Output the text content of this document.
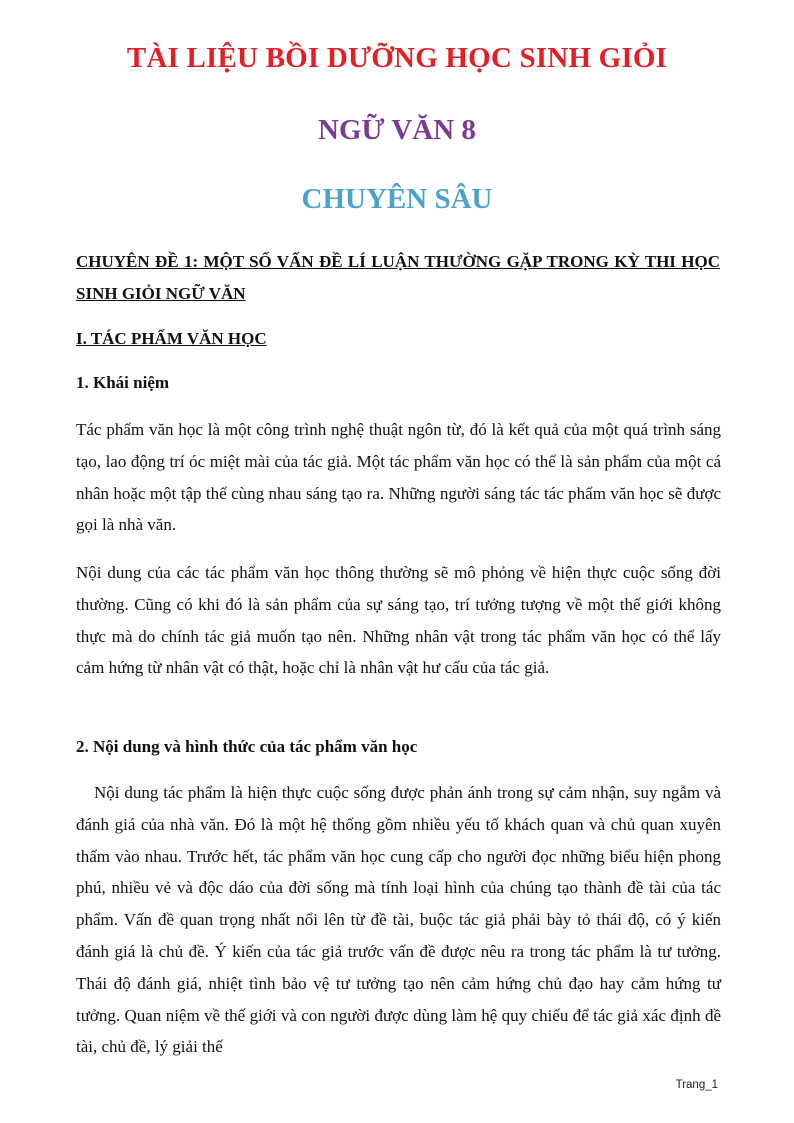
TÀI LIỆU BỒI DƯỠNG HỌC SINH GIỎI
NGỮ VĂN 8
CHUYÊN SÂU
CHUYÊN ĐỀ 1: MỘT SỐ VẤN ĐỀ LÍ LUẬN THƯỜNG GẶP TRONG KỲ THI HỌC SINH GIỎI NGỮ VĂN
I. TÁC PHẨM VĂN HỌC
1. Khái niệm

Tác phẩm văn học là một công trình nghệ thuật ngôn từ, đó là kết quả của một quá trình sáng tạo, lao động trí óc miệt mài của tác giả. Một tác phẩm văn học có thể là sản phẩm của một cá nhân hoặc một tập thể cùng nhau sáng tạo ra. Những người sáng tác tác phẩm văn học sẽ được gọi là nhà văn.

Nội dung của các tác phẩm văn học thông thường sẽ mô phỏng về hiện thực cuộc sống đời thường. Cũng có khi đó là sản phẩm của sự sáng tạo, trí tưởng tượng về một thế giới không thực mà do chính tác giả muốn tạo nên. Những nhân vật trong tác phẩm văn học có thể lấy cảm hứng từ nhân vật có thật, hoặc chỉ là nhân vật hư cấu của tác giả.

2. Nội dung và hình thức của tác phẩm văn học

Nội dung tác phẩm là hiện thực cuộc sống được phản ánh trong sự cảm nhận, suy ngẫm và đánh giá của nhà văn. Đó là một hệ thống gồm nhiều yếu tố khách quan và chủ quan xuyên thấm vào nhau. Trước hết, tác phẩm văn học cung cấp cho người đọc những biểu hiện phong phú, nhiều vẻ và độc dáo của đời sống mà tính loại hình của chúng tạo thành đề tài của tác phẩm. Vấn đề quan trọng nhất nổi lên từ đề tài, buộc tác giả phải bày tỏ thái độ, có ý kiến đánh giá là chủ đề. Ý kiến của tác giả trước vấn đề được nêu ra trong tác phẩm là tư tưởng. Thái độ đánh giá, nhiệt tình bảo vệ tư tưởng tạo nên cảm hứng chủ đạo hay cảm hứng tư tưởng. Quan niệm về thế giới và con người được dùng làm hệ quy chiếu để tác giả xác định đề tài, chủ đề, lý giải thế

Trang_1
